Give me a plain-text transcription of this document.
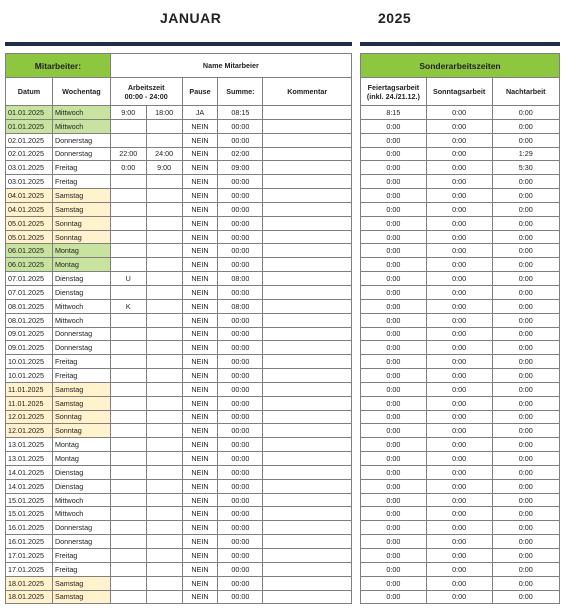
JANUAR	2025
Mitarbeiter:		Name Mitarbeier				
Datum	Wochentag	Arbeitszeit
00:00 - 24:00		Pause	Summe:	Kommentar
01.01.2025	Mittwoch	9:00	18:00	JA	08:15	
01.01.2025	Mittwoch			NEIN	00:00	
02.01.2025	Donnerstag			NEIN	00:00	
02.01.2025	Donnerstag	22:00	24:00	NEIN	02:00	
03.01.2025	Freitag	0:00	9:00	NEIN	09:00	
03.01.2025	Freitag			NEIN	00:00	
04.01.2025	Samstag			NEIN	00:00	
04.01.2025	Samstag			NEIN	00:00	
05.01.2025	Sonntag			NEIN	00:00	
05.01.2025	Sonntag			NEIN	00:00	
06.01.2025	Montag			NEIN	00:00	
06.01.2025	Montag			NEIN	00:00	
07.01.2025	Dienstag	U		NEIN	08:00	
07.01.2025	Dienstag			NEIN	00:00	
08.01.2025	Mittwoch	K		NEIN	08:00	
08.01.2025	Mittwoch			NEIN	00:00	
09.01.2025	Donnerstag			NEIN	00:00	
09.01.2025	Donnerstag			NEIN	00:00	
10.01.2025	Freitag			NEIN	00:00	
10.01.2025	Freitag			NEIN	00:00	
11.01.2025	Samstag			NEIN	00:00	
11.01.2025	Samstag			NEIN	00:00	
12.01.2025	Sonntag			NEIN	00:00	
12.01.2025	Sonntag			NEIN	00:00	
13.01.2025	Montag			NEIN	00:00	
13.01.2025	Montag			NEIN	00:00	
14.01.2025	Dienstag			NEIN	00:00	
14.01.2025	Dienstag			NEIN	00:00	
15.01.2025	Mittwoch			NEIN	00:00	
15.01.2025	Mittwoch			NEIN	00:00	
16.01.2025	Donnerstag			NEIN	00:00	
16.01.2025	Donnerstag			NEIN	00:00	
17.01.2025	Freitag			NEIN	00:00	
17.01.2025	Freitag			NEIN	00:00	
18.01.2025	Samstag			NEIN	00:00	
18.01.2025	Samstag			NEIN	00:00	
Sonderarbeitszeiten		

Feiertagsarbeit
(inkl. 24./21.12.)	Sonntagsarbeit	Nachtarbeit
8:15	0:00	0:00
0:00	0:00	0:00
0:00	0:00	0:00
0:00	0:00	1:29
0:00	0:00	5:30
0:00	0:00	0:00
0:00	0:00	0:00
0:00	0:00	0:00
0:00	0:00	0:00
0:00	0:00	0:00
0:00	0:00	0:00
0:00	0:00	0:00
0:00	0:00	0:00
0:00	0:00	0:00
0:00	0:00	0:00
0:00	0:00	0:00
0:00	0:00	0:00
0:00	0:00	0:00
0:00	0:00	0:00
0:00	0:00	0:00
0:00	0:00	0:00
0:00	0:00	0:00
0:00	0:00	0:00
0:00	0:00	0:00
0:00	0:00	0:00
0:00	0:00	0:00
0:00	0:00	0:00
0:00	0:00	0:00
0:00	0:00	0:00
0:00	0:00	0:00
0:00	0:00	0:00
0:00	0:00	0:00
0:00	0:00	0:00
0:00	0:00	0:00
0:00	0:00	0:00
0:00	0:00	0:00
